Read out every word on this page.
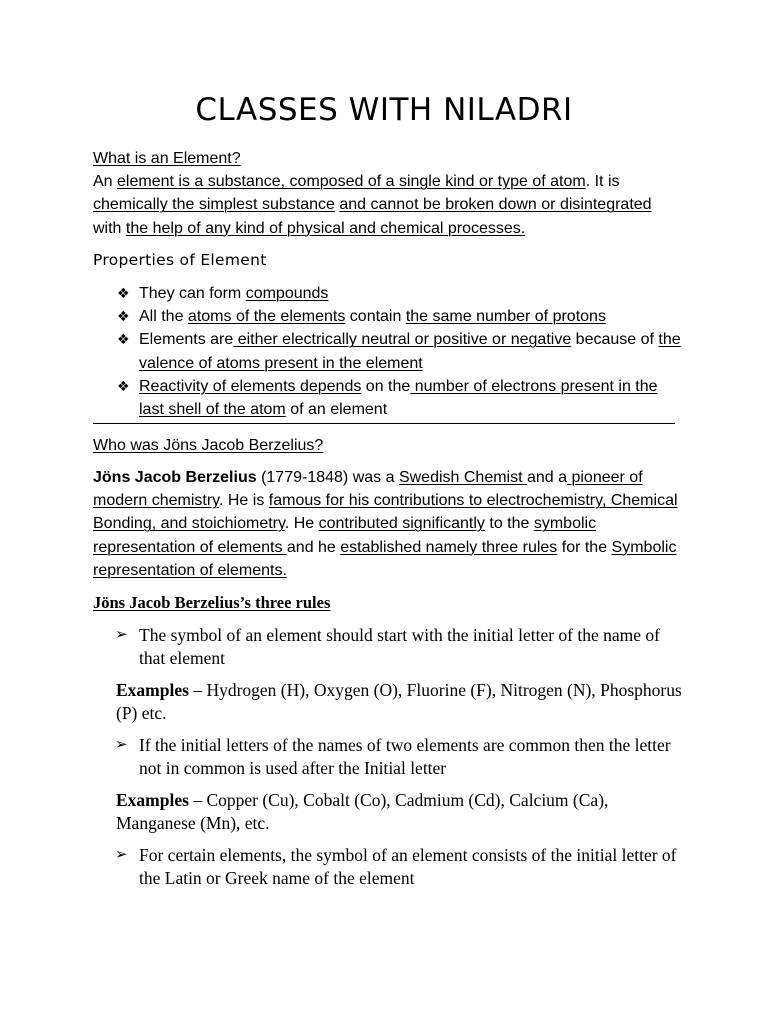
CLASSES WITH NILADRI
What is an Element?
An element is a substance, composed of a single kind or type of atom. It is chemically the simplest substance and cannot be broken down or disintegrated with the help of any kind of physical and chemical processes.
Properties of Element
❖ They can form compounds
❖ All the atoms of the elements contain the same number of protons
❖ Elements are either electrically neutral or positive or negative because of the valence of atoms present in the element
❖ Reactivity of elements depends on the number of electrons present in the last shell of the atom of an element
Who was Jöns Jacob Berzelius?
Jöns Jacob Berzelius (1779-1848) was a Swedish Chemist and a pioneer of modern chemistry. He is famous for his contributions to electrochemistry, Chemical Bonding, and stoichiometry. He contributed significantly to the symbolic representation of elements and he established namely three rules for the Symbolic representation of elements.
Jöns Jacob Berzelius’s three rules
➢ The symbol of an element should start with the initial letter of the name of that element
Examples – Hydrogen (H), Oxygen (O), Fluorine (F), Nitrogen (N), Phosphorus (P) etc.
➢ If the initial letters of the names of two elements are common then the letter not in common is used after the Initial letter
Examples – Copper (Cu), Cobalt (Co), Cadmium (Cd), Calcium (Ca), Manganese (Mn), etc.
➢ For certain elements, the symbol of an element consists of the initial letter of the Latin or Greek name of the element
